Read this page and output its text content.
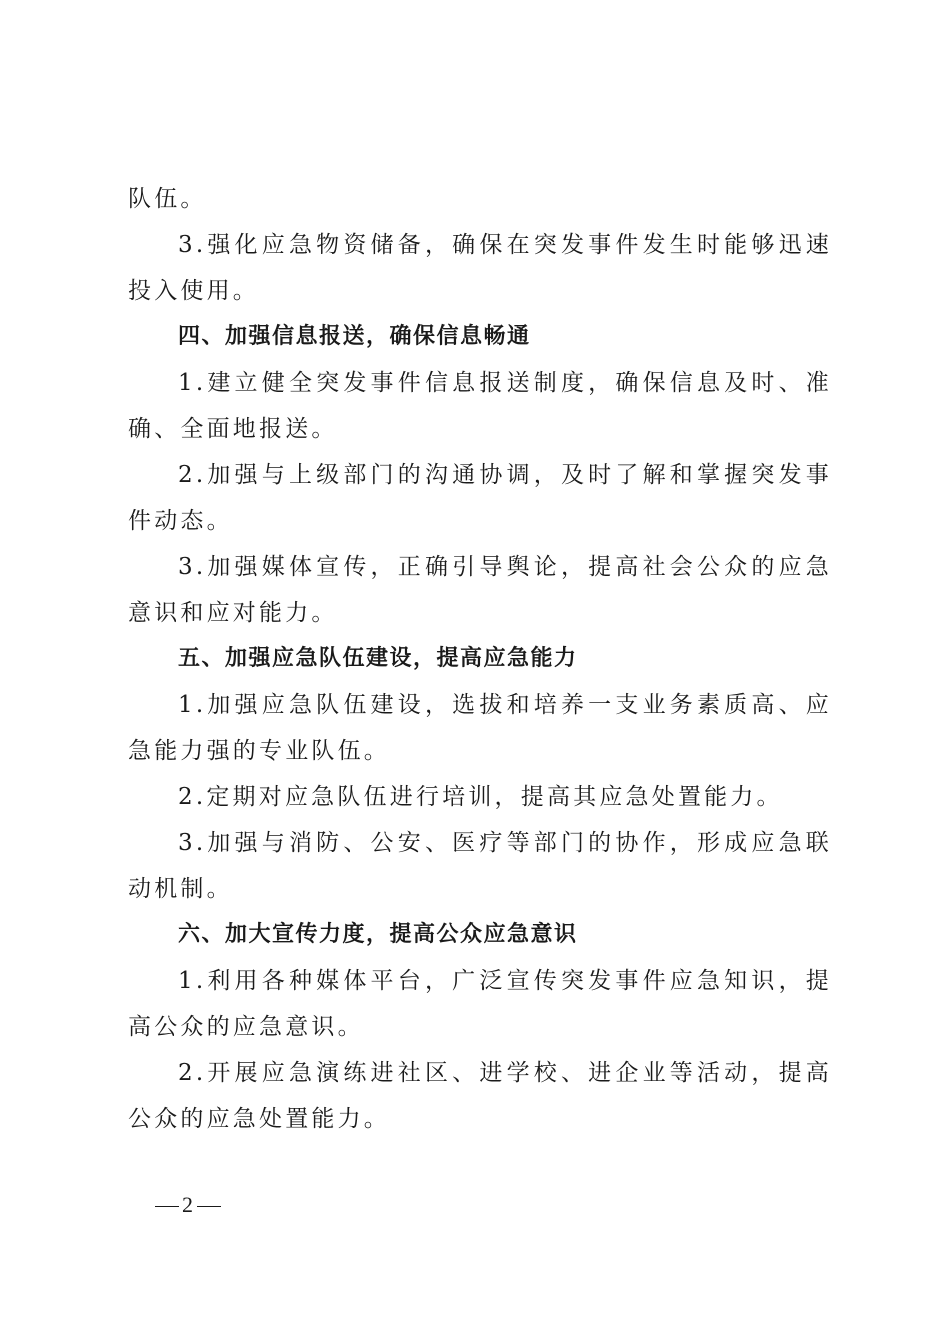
队伍。

3.强化应急物资储备，确保在突发事件发生时能够迅速投入使用。

四、加强信息报送，确保信息畅通

1.建立健全突发事件信息报送制度，确保信息及时、准确、全面地报送。

2.加强与上级部门的沟通协调，及时了解和掌握突发事件动态。

3.加强媒体宣传，正确引导舆论，提高社会公众的应急意识和应对能力。

五、加强应急队伍建设，提高应急能力

1.加强应急队伍建设，选拔和培养一支业务素质高、应急能力强的专业队伍。

2.定期对应急队伍进行培训，提高其应急处置能力。

3.加强与消防、公安、医疗等部门的协作，形成应急联动机制。

六、加大宣传力度，提高公众应急意识

1.利用各种媒体平台，广泛宣传突发事件应急知识，提高公众的应急意识。

2.开展应急演练进社区、进学校、进企业等活动，提高公众的应急处置能力。

2
